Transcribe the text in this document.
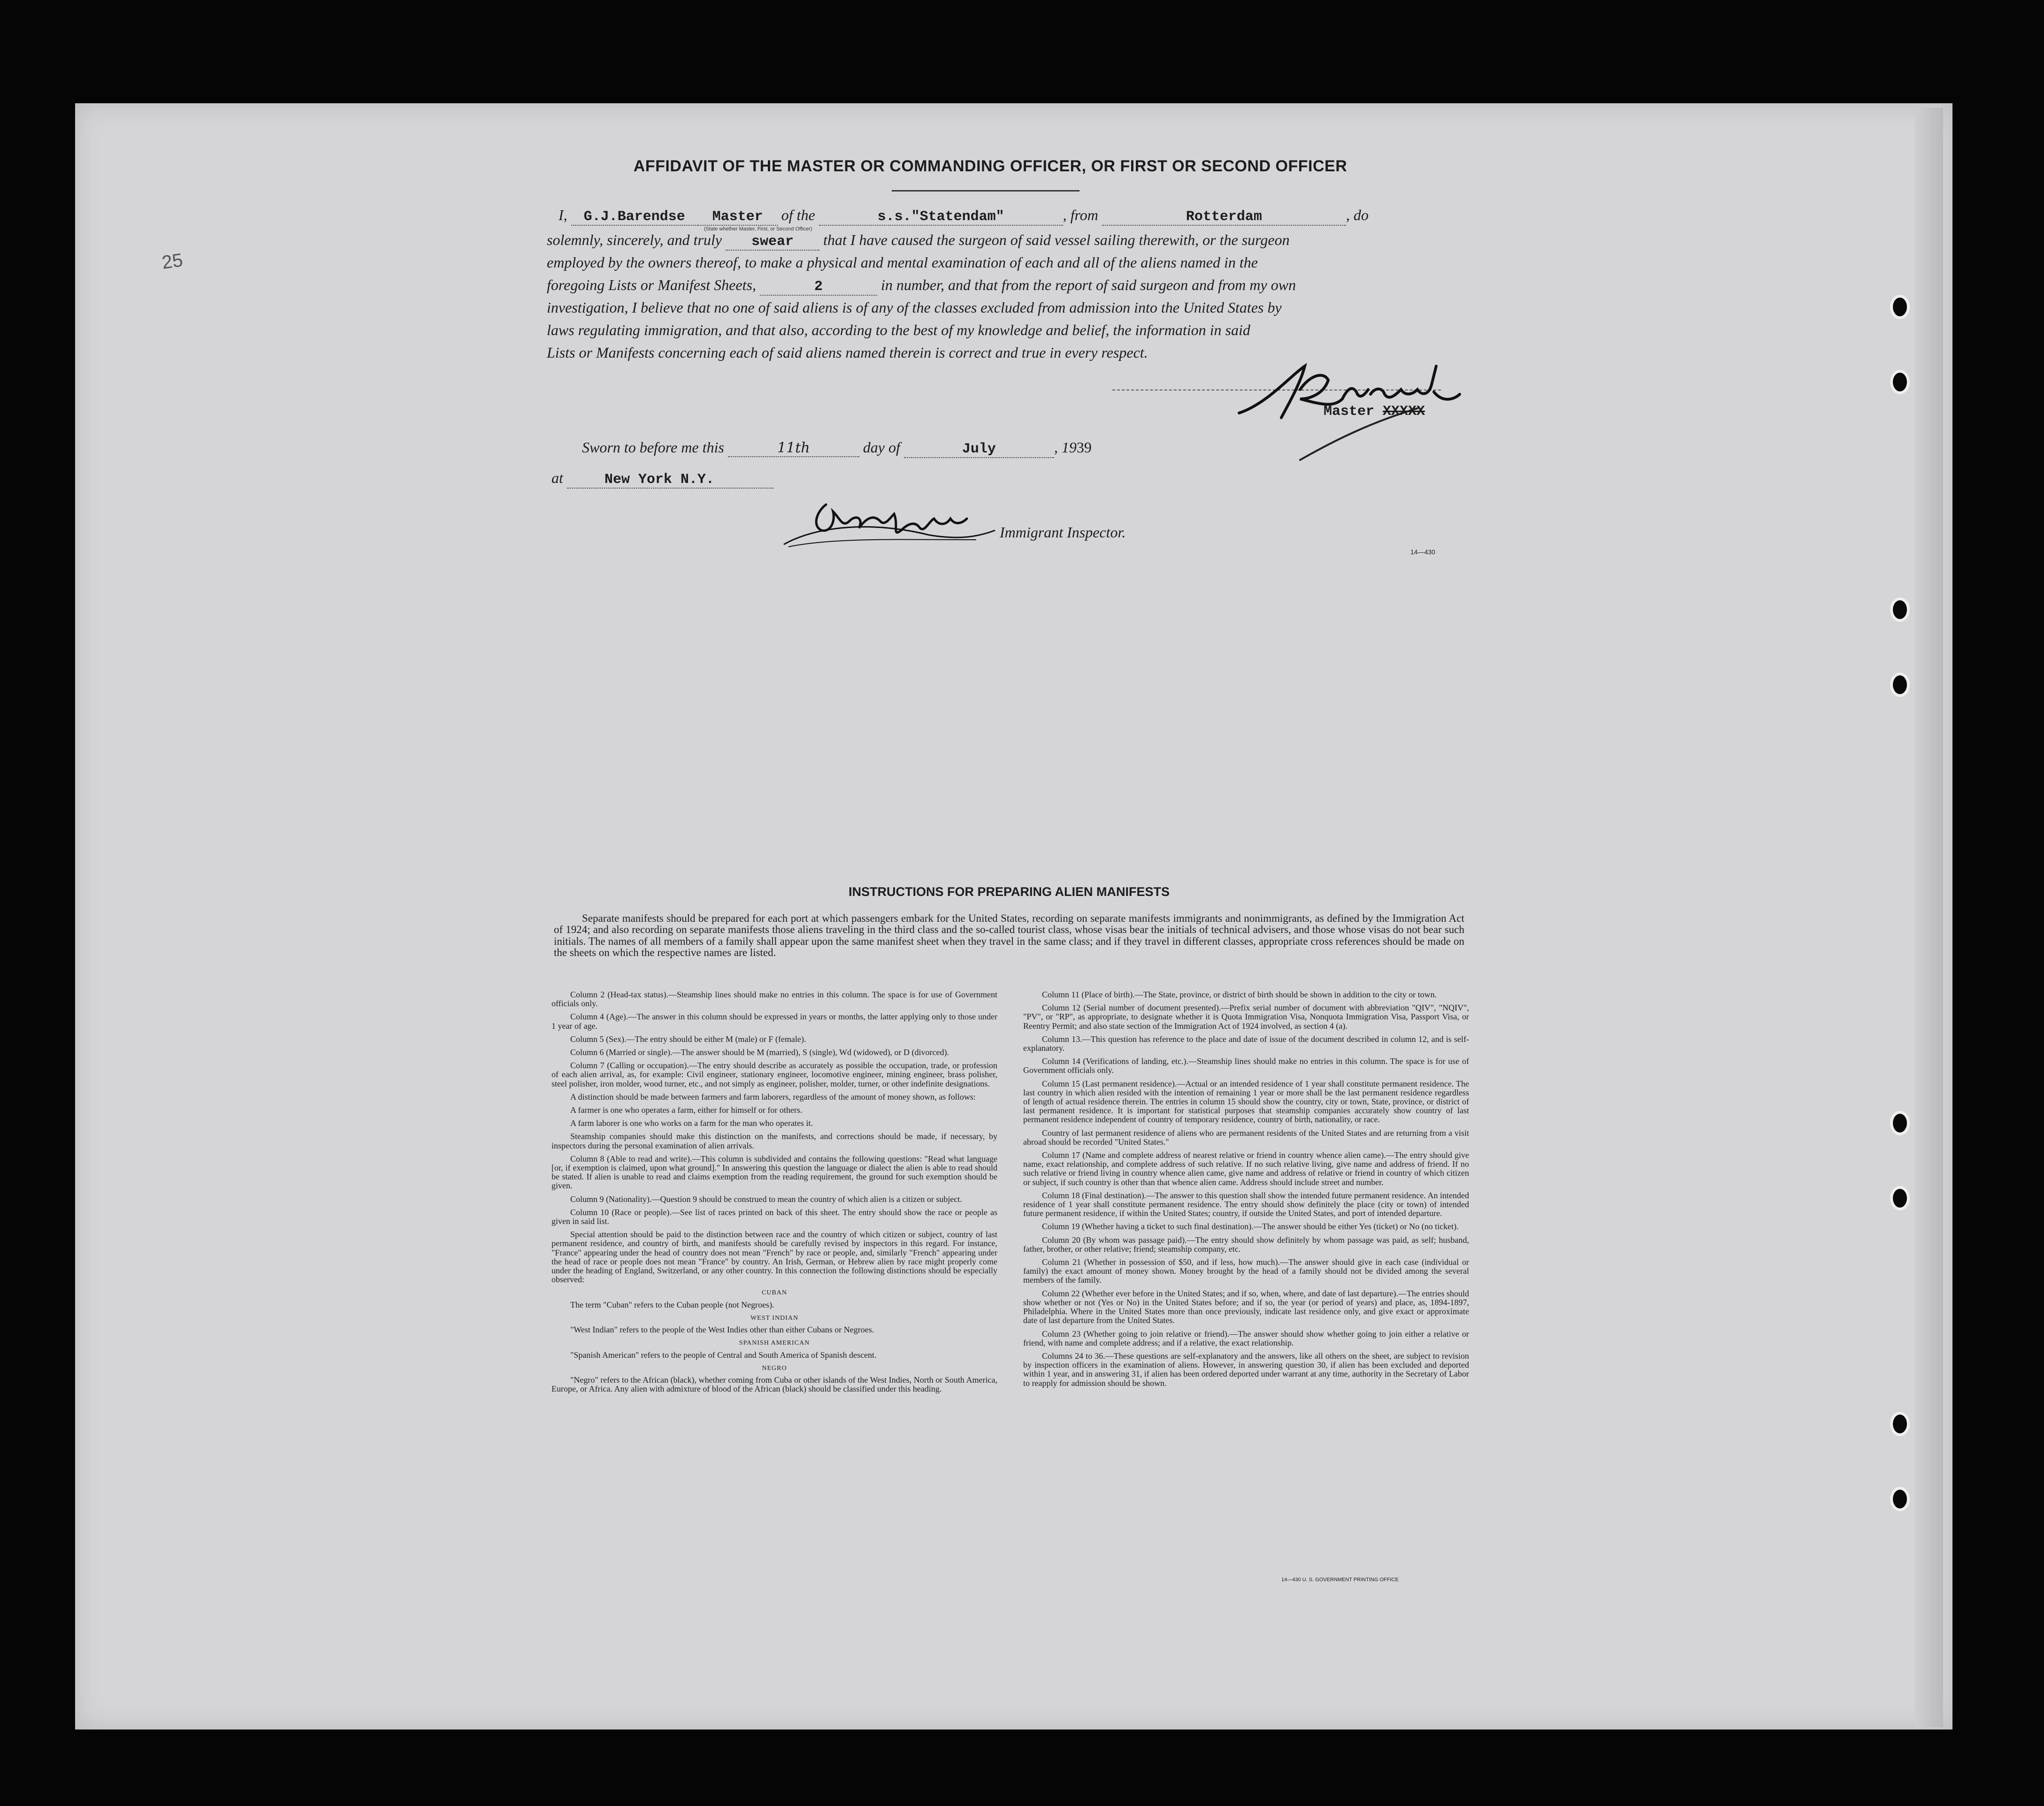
25
AFFIDAVIT OF THE MASTER OR COMMANDING OFFICER, OR FIRST OR SECOND OFFICER
I, G.J.Barendse Master of the	s.s."Statendam"	, from	Rotterdam	, do
(State whether Master, First, or Second Officer)
solemnly, sincerely, and truly swear that I have caused the surgeon of said vessel sailing therewith, or the surgeon
employed by the owners thereof, to make a physical and mental examination of each and all of the aliens named in the
foregoing Lists or Manifest Sheets,	2	in number, and that from the report of said surgeon and from my own
investigation, I believe that no one of said aliens is of any of the classes excluded from admission into the United States by
laws regulating immigration, and that also, according to the best of my knowledge and belief, the information in said
Lists or Manifests concerning each of said aliens named therein is correct and true in every respect.
Master XXXXX
Sworn to before me this	11th	day of	July	, 1939
at	New York N.Y.
Immigrant Inspector.
14—430
INSTRUCTIONS FOR PREPARING ALIEN MANIFESTS
Separate manifests should be prepared for each port at which passengers embark for the United States, recording on separate manifests immigrants and nonimmigrants, as defined by the Immigration Act of 1924; and also recording on separate manifests those aliens traveling in the third class and the so-called tourist class, whose visas bear the initials of technical advisers, and those whose visas do not bear such initials. The names of all members of a family shall appear upon the same manifest sheet when they travel in the same class; and if they travel in different classes, appropriate cross references should be made on the sheets on which the respective names are listed.

Column 2 (Head-tax status).—Steamship lines should make no entries in this column. The space is for use of Government officials only.

Column 4 (Age).—The answer in this column should be expressed in years or months, the latter applying only to those under 1 year of age.

Column 5 (Sex).—The entry should be either M (male) or F (female).

Column 6 (Married or single).—The answer should be M (married), S (single), Wd (widowed), or D (divorced).

Column 7 (Calling or occupation).—The entry should describe as accurately as possible the occupation, trade, or profession of each alien arrival, as, for example: Civil engineer, stationary engineer, locomotive engineer, mining engineer, brass polisher, steel polisher, iron molder, wood turner, etc., and not simply as engineer, polisher, molder, turner, or other indefinite designations.

A distinction should be made between farmers and farm laborers, regardless of the amount of money shown, as follows:

A farmer is one who operates a farm, either for himself or for others.

A farm laborer is one who works on a farm for the man who operates it.

Steamship companies should make this distinction on the manifests, and corrections should be made, if necessary, by inspectors during the personal examination of alien arrivals.

Column 8 (Able to read and write).—This column is subdivided and contains the following questions: "Read what language [or, if exemption is claimed, upon what ground]." In answering this question the language or dialect the alien is able to read should be stated. If alien is unable to read and claims exemption from the reading requirement, the ground for such exemption should be given.

Column 9 (Nationality).—Question 9 should be construed to mean the country of which alien is a citizen or subject.

Column 10 (Race or people).—See list of races printed on back of this sheet. The entry should show the race or people as given in said list.

Special attention should be paid to the distinction between race and the country of which citizen or subject, country of last permanent residence, and country of birth, and manifests should be carefully revised by inspectors in this regard. For instance, "France" appearing under the head of country does not mean "French" by race or people, and, similarly "French" appearing under the head of race or people does not mean "France" by country. An Irish, German, or Hebrew alien by race might properly come under the heading of England, Switzerland, or any other country. In this connection the following distinctions should be especially observed:

CUBAN

The term "Cuban" refers to the Cuban people (not Negroes).

WEST INDIAN

"West Indian" refers to the people of the West Indies other than either Cubans or Negroes.

SPANISH AMERICAN

"Spanish American" refers to the people of Central and South America of Spanish descent.

NEGRO

"Negro" refers to the African (black), whether coming from Cuba or other islands of the West Indies, North or South America, Europe, or Africa. Any alien with admixture of blood of the African (black) should be classified under this heading.

Column 11 (Place of birth).—The State, province, or district of birth should be shown in addition to the city or town.

Column 12 (Serial number of document presented).—Prefix serial number of document with abbreviation "QIV", "NQIV", "PV", or "RP", as appropriate, to designate whether it is Quota Immigration Visa, Nonquota Immigration Visa, Passport Visa, or Reentry Permit; and also state section of the Immigration Act of 1924 involved, as section 4 (a).

Column 13.—This question has reference to the place and date of issue of the document described in column 12, and is self-explanatory.

Column 14 (Verifications of landing, etc.).—Steamship lines should make no entries in this column. The space is for use of Government officials only.

Column 15 (Last permanent residence).—Actual or an intended residence of 1 year shall constitute permanent residence. The last country in which alien resided with the intention of remaining 1 year or more shall be the last permanent residence regardless of length of actual residence therein. The entries in column 15 should show the country, city or town, State, province, or district of last permanent residence. It is important for statistical purposes that steamship companies accurately show country of last permanent residence independent of country of temporary residence, country of birth, nationality, or race.

Country of last permanent residence of aliens who are permanent residents of the United States and are returning from a visit abroad should be recorded "United States."

Column 17 (Name and complete address of nearest relative or friend in country whence alien came).—The entry should give name, exact relationship, and complete address of such relative. If no such relative living, give name and address of friend. If no such relative or friend living in country whence alien came, give name and address of relative or friend in country of which citizen or subject, if such country is other than that whence alien came. Address should include street and number.

Column 18 (Final destination).—The answer to this question shall show the intended future permanent residence. An intended residence of 1 year shall constitute permanent residence. The entry should show definitely the place (city or town) of intended future permanent residence, if within the United States; country, if outside the United States, and port of intended departure.

Column 19 (Whether having a ticket to such final destination).—The answer should be either Yes (ticket) or No (no ticket).

Column 20 (By whom was passage paid).—The entry should show definitely by whom passage was paid, as self; husband, father, brother, or other relative; friend; steamship company, etc.

Column 21 (Whether in possession of $50, and if less, how much).—The answer should give in each case (individual or family) the exact amount of money shown. Money brought by the head of a family should not be divided among the several members of the family.

Column 22 (Whether ever before in the United States; and if so, when, where, and date of last departure).—The entries should show whether or not (Yes or No) in the United States before; and if so, the year (or period of years) and place, as, 1894-1897, Philadelphia. Where in the United States more than once previously, indicate last residence only, and give exact or approximate date of last departure from the United States.

Column 23 (Whether going to join relative or friend).—The answer should show whether going to join either a relative or friend, with name and complete address; and if a relative, the exact relationship.

Columns 24 to 36.—These questions are self-explanatory and the answers, like all others on the sheet, are subject to revision by inspection officers in the examination of aliens. However, in answering question 30, if alien has been excluded and deported within 1 year, and in answering 31, if alien has been ordered deported under warrant at any time, authority in the Secretary of Labor to reapply for admission should be shown.

14—430 U. S. GOVERNMENT PRINTING OFFICE
